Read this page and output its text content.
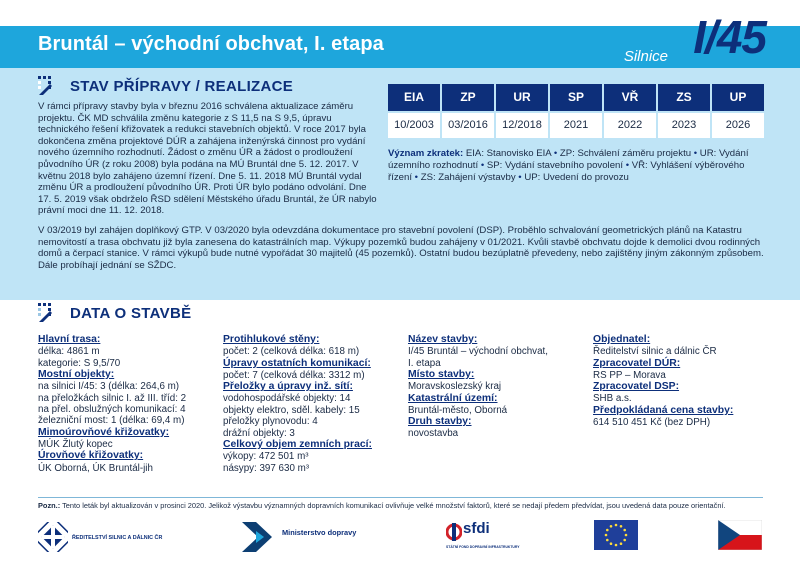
Bruntál – východní obchvat, I. etapa
Silnice I/45
STAV PŘÍPRAVY / REALIZACE
V rámci přípravy stavby byla v březnu 2016 schválena aktualizace záměru projektu. ČK MD schválila změnu kategorie z S 11,5 na S 9,5, úpravu technického řešení křižovatek a redukci stavebních objektů. V roce 2017 byla dokončena změna projektové DÚR a zahájena inženýrská činnost pro vydání nového územního rozhodnutí. Žádost o změnu ÚR a žádost o prodloužení původního ÚR (z roku 2008) byla podána na MÚ Bruntál dne 5. 12. 2017. V květnu 2018 bylo zahájeno územní řízení. Dne 5. 11. 2018 MÚ Bruntál vydal změnu ÚR a prodloužení původního ÚR. Proti ÚR bylo podáno odvolání. Dne 17. 5. 2019 však obdrželo ŘSD sdělení Městského úřadu Bruntál, že ÚR nabylo právní moci dne 11. 12. 2018.
V 03/2019 byl zahájen doplňkový GTP. V 03/2020 byla odevzdána dokumentace pro stavební povolení (DSP). Proběhlo schvalování geometrických plánů na Katastru nemovitostí a trasa obchvatu již byla zanesena do katastrálních map. Výkupy pozemků budou zahájeny v 01/2021. Kvůli stavbě obchvatu dojde k demolici dvou rodinných domů a čerpací stanice. V rámci výkupů bude nutné vypořádat 30 majitelů (45 pozemků). Ostatní budou bezúplatně převedeny, nebo zajištěny jiným zákonným způsobem. Dále probíhají jednání se SŽDC.
EIA	ZP	UR	SP	VŘ	ZS	UP
10/2003	03/2016	12/2018	2021	2022	2023	2026
Význam zkratek: EIA: Stanovisko EIA • ZP: Schválení záměru projektu • UR: Vydání územního rozhodnutí • SP: Vydání stavebního povolení • VŘ: Vyhlášení výběrového řízení • ZS: Zahájení výstavby • UP: Uvedení do provozu
DATA O STAVBĚ
Hlavní trasa:
délka: 4861 m
kategorie: S 9,5/70
Mostní objekty:
na silnici I/45: 3 (délka: 264,6 m)
na přeložkách silnic I. až III. tříd: 2
na přel. obslužných komunikací: 4
železniční most: 1 (délka: 69,4 m)
Mimoúrovňové křižovatky:
MÚK Žlutý kopec
Úrovňové křižovatky:
ÚK Oborná, ÚK Bruntál-jih
Protihlukové stěny:
počet: 2 (celková délka: 618 m)
Úpravy ostatních komunikací:
počet: 7 (celková délka: 3312 m)
Přeložky a úpravy inž. sítí:
vodohospodářské objekty: 14
objekty elektro, sděl. kabely: 15
přeložky plynovodu: 4
drážní objekty: 3
Celkový objem zemních prací:
výkopy: 472 501 m³
násypy: 397 630 m³
Název stavby:
I/45 Bruntál – východní obchvat,
I. etapa
Místo stavby:
Moravskoslezský kraj
Katastrální území:
Bruntál-město, Oborná
Druh stavby:
novostavba
Objednatel:
Ředitelství silnic a dálnic ČR
Zpracovatel DÚR:
RS PP – Morava
Zpracovatel DSP:
SHB a.s.
Předpokládaná cena stavby:
614 510 451 Kč (bez DPH)
Pozn.: Tento leták byl aktualizován v prosinci 2020. Jelikož výstavbu významných dopravních komunikací ovlivňuje velké množství faktorů, které se nedají předem předvídat, jsou uvedená data pouze orientační.
ŘEDITELSTVÍ SILNIC A DÁLNIC ČR
Ministerstvo dopravy	sfdi
STÁTNÍ FOND DOPRAVNÍ INFRASTRUKTURY
